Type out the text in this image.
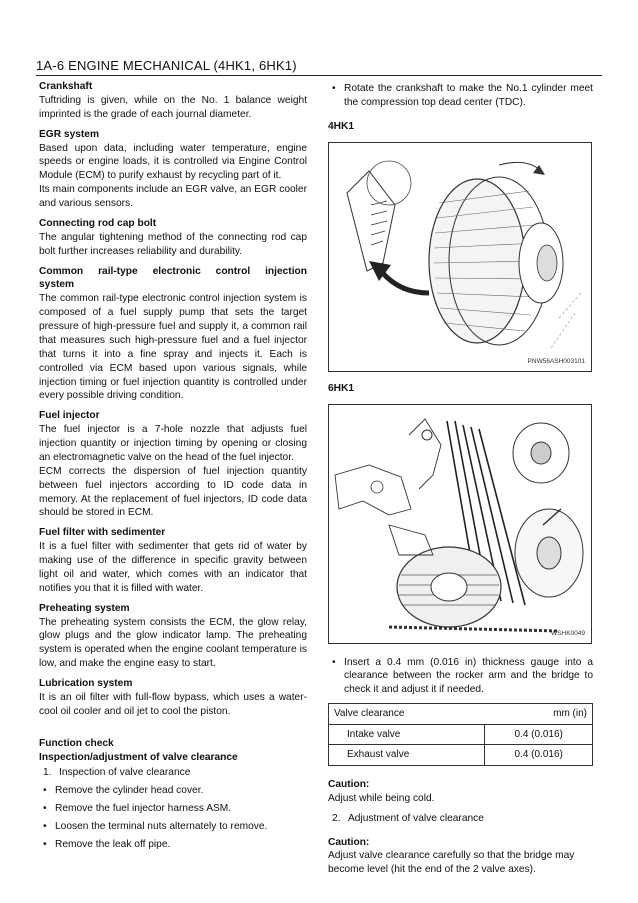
1A-6 ENGINE MECHANICAL (4HK1, 6HK1)
Crankshaft
Tuftriding is given, while on the No. 1 balance weight imprinted is the grade of each journal diameter.
EGR system
Based upon data, including water temperature, engine speeds or engine loads, it is controlled via Engine Control Module (ECM) to purify exhaust by recycling part of it.
Its main components include an EGR valve, an EGR cooler and various sensors.
Connecting rod cap bolt
The angular tightening method of the connecting rod cap bolt further increases reliability and durability.
Common rail-type electronic control injection
system
The common rail-type electronic control injection system is composed of a fuel supply pump that sets the target pressure of high-pressure fuel and supply it, a common rail that measures such high-pressure fuel and a fuel injector that turns it into a fine spray and injects it. Each is controlled via ECM based upon various signals, while injection timing or fuel injection quantity is controlled under every possible driving condition.
Fuel injector
The fuel injector is a 7-hole nozzle that adjusts fuel injection quantity or injection timing by opening or closing an electromagnetic valve on the head of the fuel injector.
ECM corrects the dispersion of fuel injection quantity between fuel injectors according to ID code data in memory. At the replacement of fuel injectors, ID code data should be stored in ECM.
Fuel filter with sedimenter
It is a fuel filter with sedimenter that gets rid of water by making use of the difference in specific gravity between light oil and water, which comes with an indicator that notifies you that it is filled with water.
Preheating system
The preheating system consists the ECM, the glow relay, glow plugs and the glow indicator lamp. The preheating system is operated when the engine coolant temperature is low, and make the engine easy to start.
Lubrication system
It is an oil filter with full-flow bypass, which uses a water-cool oil cooler and oil jet to cool the piston.
Function check
Inspection/adjustment of valve clearance
1. Inspection of valve clearance
• Remove the cylinder head cover.
• Remove the fuel injector harness ASM.
• Loosen the terminal nuts alternately to remove.
• Remove the leak off pipe.
• Rotate the crankshaft to make the No.1 cylinder meet the compression top dead center (TDC).
4HK1
PNW56ASH003101
6HK1
WSHK0049
• Insert a 0.4 mm (0.016 in) thickness gauge into a clearance between the rocker arm and the bridge to check it and adjust it if needed.
Valve clearance mm (in)	

Intake valve	0.4 (0.016)
Exhaust valve	0.4 (0.016)
Caution:
Adjust while being cold.
2. Adjustment of valve clearance
Caution:
Adjust valve clearance carefully so that the bridge may become level (hit the end of the 2 valve axes).
